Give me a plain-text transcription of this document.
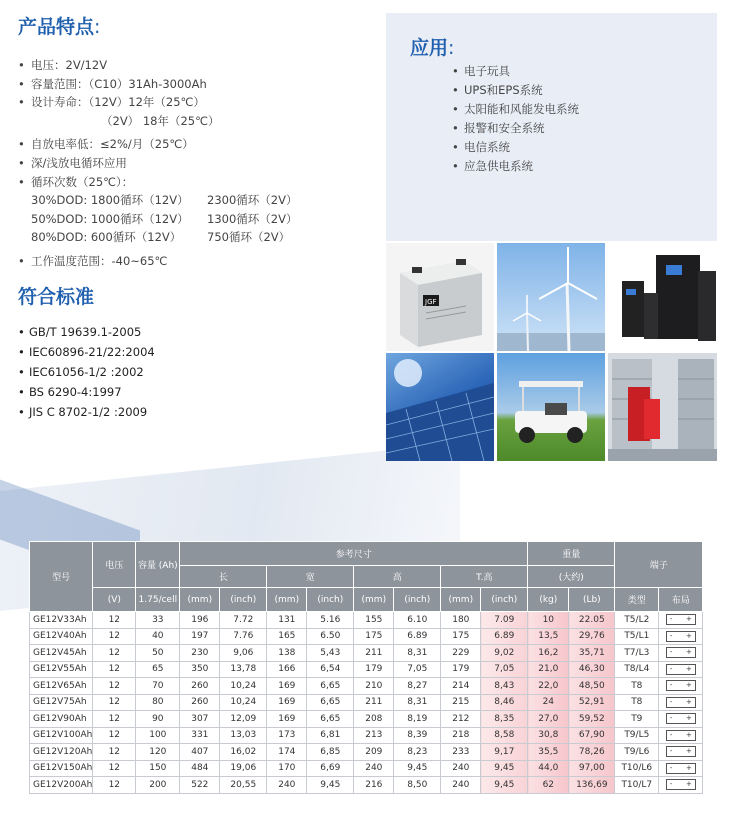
产品特点:
• 电压：2V/12V
• 容量范围：（C10）31Ah-3000Ah
• 设计寿命：（12V）12年（25℃）
（2V） 18年（25℃）
• 自放电率低：≤2%/月（25℃）
• 深/浅放电循环应用
• 循环次数（25℃）：
30%DOD: 1800循环（12V） 2300循环（2V）
50%DOD: 1000循环（12V） 1300循环（2V）
80%DOD: 600循环（12V） 750循环（2V）
• 工作温度范围：-40~65℃
符合标准
• GB/T 19639.1-2005
• IEC60896-21/22:2004
• IEC61056-1/2 :2002
• BS 6290-4:1997
• JIS C 8702-1/2 :2009
应用:
• 电子玩具
• UPS和EPS系统
• 太阳能和风能发电系统
• 报警和安全系统
• 电信系统
• 应急供电系统
JGF
型号	电压	容量 (Ah)	参考尺寸								重量		端子	
			长		宽		高		T.高		(大约)			
	(V)	1.75/cell	(mm)	(inch)	(mm)	(inch)	(mm)	(inch)	(mm)	(inch)	(kg)	(Lb)	类型	布局
GE12V33Ah	12	33	196	7.72	131	5.16	155	6.10	180	7.09	10	22.05	T5/L2	- +

GE12V40Ah	12	40	197	7.76	165	6.50	175	6.89	175	6.89	13,5	29,76	T5/L1	- +

GE12V45Ah	12	50	230	9,06	138	5,43	211	8,31	229	9,02	16,2	35,71	T7/L3	- +

GE12V55Ah	12	65	350	13,78	166	6,54	179	7,05	179	7,05	21,0	46,30	T8/L4	- +

GE12V65Ah	12	70	260	10,24	169	6,65	210	8,27	214	8,43	22,0	48,50	T8	- +

GE12V75Ah	12	80	260	10,24	169	6,65	211	8,31	215	8,46	24	52,91	T8	- +

GE12V90Ah	12	90	307	12,09	169	6,65	208	8,19	212	8,35	27,0	59,52	T9	- +

GE12V100Ah	12	100	331	13,03	173	6,81	213	8,39	218	8,58	30,8	67,90	T9/L5	- +

GE12V120Ah	12	120	407	16,02	174	6,85	209	8,23	233	9,17	35,5	78,26	T9/L6	- +

GE12V150Ah	12	150	484	19,06	170	6,69	240	9,45	240	9,45	44,0	97,00	T10/L6	- +

GE12V200Ah	12	200	522	20,55	240	9,45	216	8,50	240	9,45	62	136,69	T10/L7	- +
